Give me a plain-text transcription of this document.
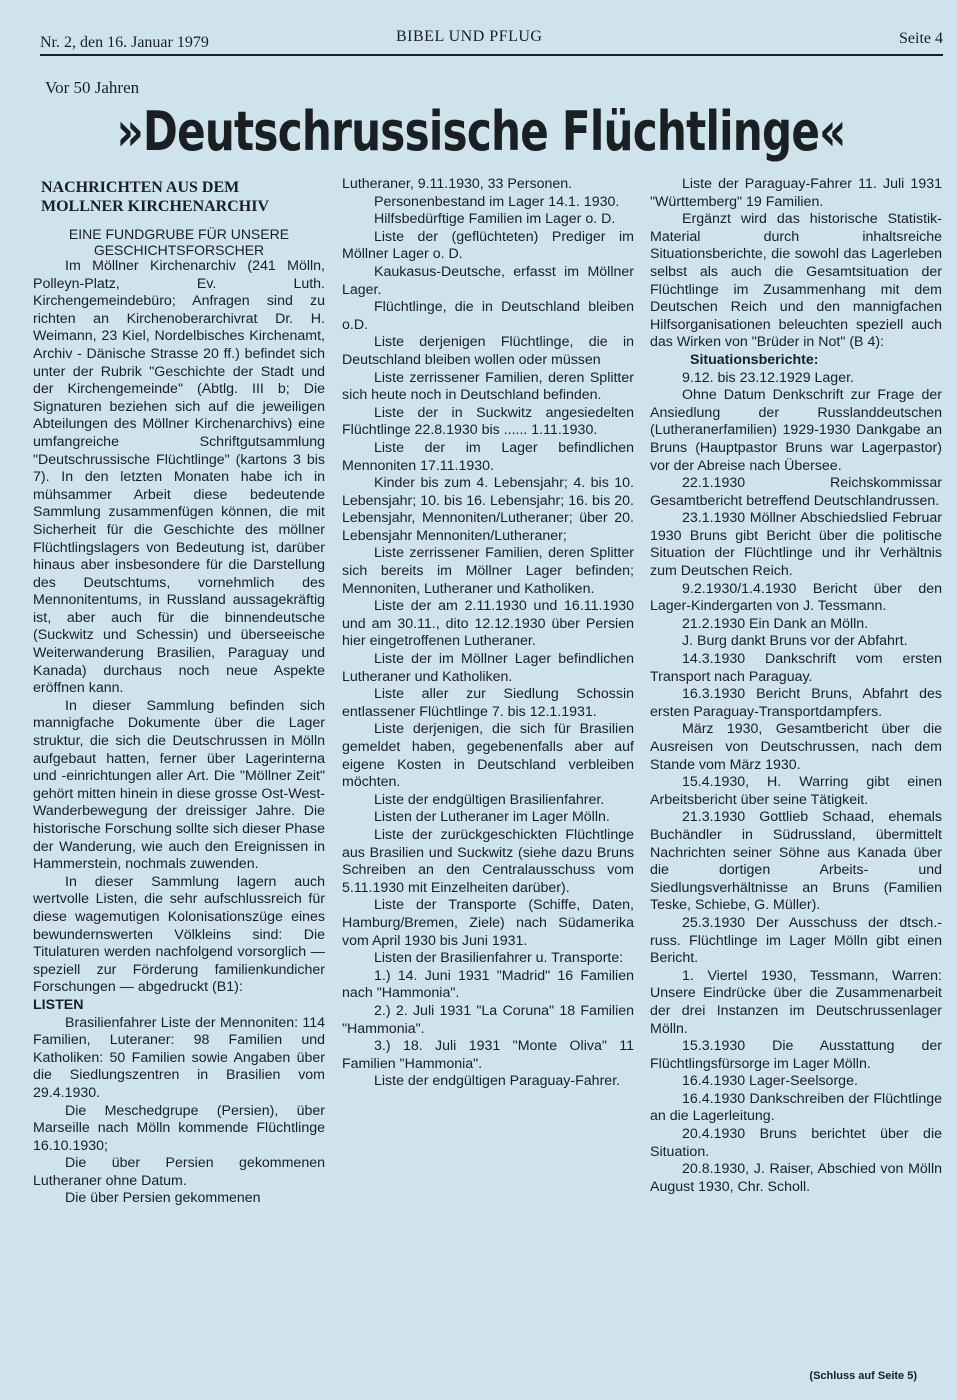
Nr. 2, den 16. Januar 1979	BIBEL UND PFLUG	Seite 4
Vor 50 Jahren
»Deutschrussische Flüchtlinge«
NACHRICHTEN AUS DEM MOLLNER KIRCHENARCHIV
EINE FUNDGRUBE FÜR UNSERE GESCHICHTSFORSCHER

Im Möllner Kirchenarchiv (241 Mölln, Polleyn-Platz, Ev. Luth. Kirchengemeindebüro; Anfragen sind zu richten an Kirchenoberarchivrat Dr. H. Weimann, 23 Kiel, Nordelbisches Kirchenamt, Archiv - Dänische Strasse 20 ff.) befindet sich unter der Rubrik "Geschichte der Stadt und der Kirchengemeinde" (Abtlg. III b; Die Signaturen beziehen sich auf die jeweiligen Abteilungen des Möllner Kirchenarchivs) eine umfangreiche Schriftgutsammlung "Deutschrussische Flüchtlinge" (kartons 3 bis 7). In den letzten Monaten habe ich in mühsammer Arbeit diese bedeutende Sammlung zusammenfügen können, die mit Sicherheit für die Geschichte des möllner Flüchtlingslagers von Bedeutung ist, darüber hinaus aber insbesondere für die Darstellung des Deutschtums, vornehmlich des Mennonitentums, in Russland aussagekräftig ist, aber auch für die binnendeutsche (Suckwitz und Schessin) und überseeische Weiterwanderung Brasilien, Paraguay und Kanada) durchaus noch neue Aspekte eröffnen kann.

In dieser Sammlung befinden sich mannigfache Dokumente über die Lager struktur, die sich die Deutschrussen in Mölln aufgebaut hatten, ferner über Lagerinterna und -einrichtungen aller Art. Die "Möllner Zeit" gehört mitten hinein in diese grosse Ost-West-Wanderbewegung der dreissiger Jahre. Die historische Forschung sollte sich dieser Phase der Wanderung, wie auch den Ereignissen in Hammerstein, nochmals zuwenden.

In dieser Sammlung lagern auch wertvolle Listen, die sehr aufschlussreich für diese wagemutigen Kolonisationszüge eines bewundernswerten Völkleins sind: Die Titulaturen werden nachfolgend vorsorglich — speziell zur Förderung familienkundicher Forschungen — abgedruckt (B1):

LISTEN

Brasilienfahrer Liste der Mennoniten: 114 Familien, Luteraner: 98 Familien und Katholiken: 50 Familien sowie Angaben über die Siedlungszentren in Brasilien vom 29.4.1930.

Die Meschedgrupe (Persien), über Marseille nach Mölln kommende Flüchtlinge 16.10.1930;

Die über Persien gekommenen Lutheraner ohne Datum.

Die über Persien gekommenen

Lutheraner, 9.11.1930, 33 Personen.

Personenbestand im Lager 14.1. 1930.

Hilfsbedürftige Familien im Lager o. D.

Liste der (geflüchteten) Prediger im Möllner Lager o. D.

Kaukasus-Deutsche, erfasst im Möllner Lager.

Flüchtlinge, die in Deutschland bleiben o.D.

Liste derjenigen Flüchtlinge, die in Deutschland bleiben wollen oder müssen

Liste zerrissener Familien, deren Splitter sich heute noch in Deutschland befinden.

Liste der in Suckwitz angesiedelten Flüchtlinge 22.8.1930 bis ...... 1.11.1930.

Liste der im Lager befindlichen Mennoniten 17.11.1930.

Kinder bis zum 4. Lebensjahr; 4. bis 10. Lebensjahr; 10. bis 16. Lebensjahr; 16. bis 20. Lebensjahr, Mennoniten/Lutheraner; über 20. Lebensjahr Mennoniten/Lutheraner;

Liste zerrissener Familien, deren Splitter sich bereits im Möllner Lager befinden; Mennoniten, Lutheraner und Katholiken.

Liste der am 2.11.1930 und 16.11.1930 und am 30.11., dito 12.12.1930 über Persien hier eingetroffenen Lutheraner.

Liste der im Möllner Lager befindlichen Lutheraner und Katholiken.

Liste aller zur Siedlung Schossin entlassener Flüchtlinge 7. bis 12.1.1931.

Liste derjenigen, die sich für Brasilien gemeldet haben, gegebenenfalls aber auf eigene Kosten in Deutschland verbleiben möchten.

Liste der endgültigen Brasilienfahrer.

Listen der Lutheraner im Lager Mölln.

Liste der zurückgeschickten Flüchtlinge aus Brasilien und Suckwitz (siehe dazu Bruns Schreiben an den Centralausschuss vom 5.11.1930 mit Einzelheiten darüber).

Liste der Transporte (Schiffe, Daten, Hamburg/Bremen, Ziele) nach Südamerika vom April 1930 bis Juni 1931.

Listen der Brasilienfahrer u. Transporte:

1.) 14. Juni 1931 "Madrid" 16 Familien nach "Hammonia".

2.) 2. Juli 1931 "La Coruna" 18 Familien "Hammonia".

3.) 18. Juli 1931 "Monte Oliva" 11 Familien "Hammonia".

Liste der endgültigen Paraguay-Fahrer.

Liste der Paraguay-Fahrer 11. Juli 1931 "Württemberg" 19 Familien.

Ergänzt wird das historische Statistik-Material durch inhaltsreiche Situationsberichte, die sowohl das Lagerleben selbst als auch die Gesamtsituation der Flüchtlinge im Zusammenhang mit dem Deutschen Reich und den mannigfachen Hilfsorganisationen beleuchten speziell auch das Wirken von "Brüder in Not" (B 4):

Situationsberichte:

9.12. bis 23.12.1929 Lager.

Ohne Datum Denkschrift zur Frage der Ansiedlung der Russlanddeutschen (Lutheranerfamilien) 1929-1930 Dankgabe an Bruns (Hauptpastor Bruns war Lagerpastor) vor der Abreise nach Übersee.

22.1.1930 Reichskommissar Gesamtbericht betreffend Deutschlandrussen.

23.1.1930 Möllner Abschiedslied Februar 1930 Bruns gibt Bericht über die politische Situation der Flüchtlinge und ihr Verhältnis zum Deutschen Reich.

9.2.1930/1.4.1930 Bericht über den Lager-Kindergarten von J. Tessmann.

21.2.1930 Ein Dank an Mölln.

J. Burg dankt Bruns vor der Abfahrt.

14.3.1930 Dankschrift vom ersten Transport nach Paraguay.

16.3.1930 Bericht Bruns, Abfahrt des ersten Paraguay-Transportdampfers.

März 1930, Gesamtbericht über die Ausreisen von Deutschrussen, nach dem Stande vom März 1930.

15.4.1930, H. Warring gibt einen Arbeitsbericht über seine Tätigkeit.

21.3.1930 Gottlieb Schaad, ehemals Buchändler in Südrussland, übermittelt Nachrichten seiner Söhne aus Kanada über die dortigen Arbeits- und Siedlungsverhältnisse an Bruns (Familien Teske, Schiebe, G. Müller).

25.3.1930 Der Ausschuss der dtsch.-russ. Flüchtlinge im Lager Mölln gibt einen Bericht.

1. Viertel 1930, Tessmann, Warren: Unsere Eindrücke über die Zusammenarbeit der drei Instanzen im Deutschrussenlager Mölln.

15.3.1930 Die Ausstattung der Flüchtlingsfürsorge im Lager Mölln.

16.4.1930 Lager-Seelsorge.

16.4.1930 Dankschreiben der Flüchtlinge an die Lagerleitung.

20.4.1930 Bruns berichtet über die Situation.

20.8.1930, J. Raiser, Abschied von Mölln August 1930, Chr. Scholl.

(Schluss auf Seite 5)
